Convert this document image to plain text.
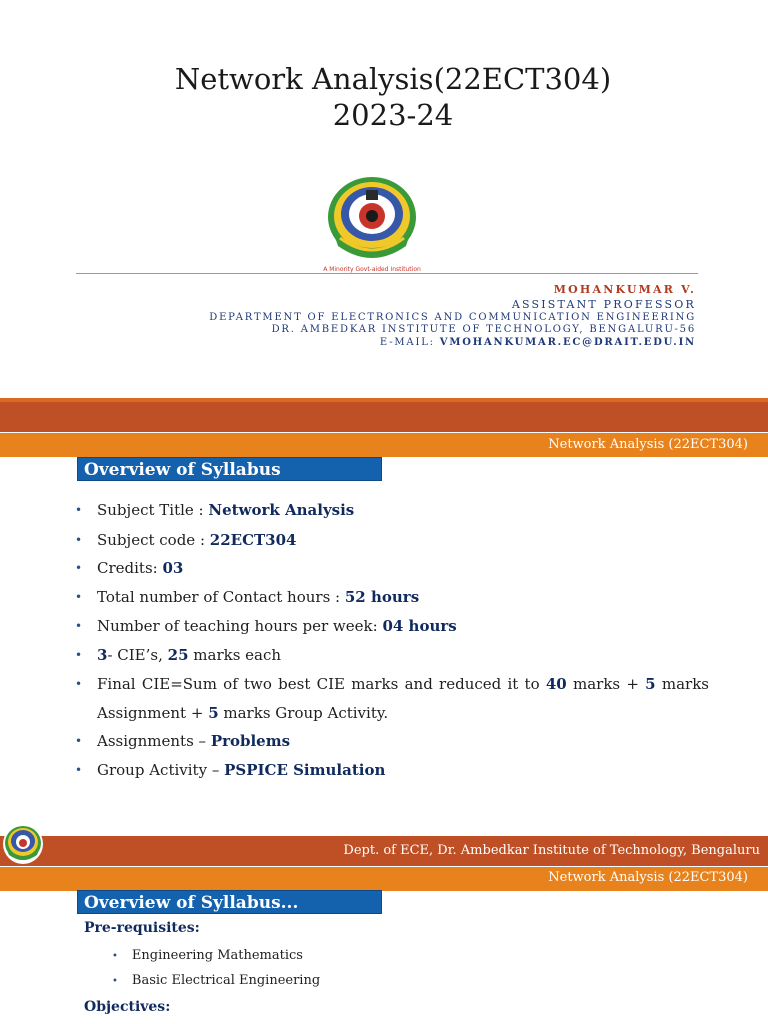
Network Analysis(22ECT304)
2023-24
A Minority Govt-aided Institution
MOHANKUMAR V.
ASSISTANT PROFESSOR
DEPARTMENT OF ELECTRONICS AND COMMUNICATION ENGINEERING
DR. AMBEDKAR INSTITUTE OF TECHNOLOGY, BENGALURU-56
E-MAIL: VMOHANKUMAR.EC@DRAIT.EDU.IN
Network Analysis (22ECT304)
Overview of Syllabus
• Subject Title : Network Analysis
• Subject code : 22ECT304
• Credits: 03
• Total number of Contact hours : 52 hours
• Number of teaching hours per week: 04 hours
• 3- CIE’s, 25 marks each
• Final CIE=Sum of two best CIE marks and reduced it to 40 marks + 5 marks
Assignment + 5 marks Group Activity.
• Assignments – Problems
• Group Activity – PSPICE Simulation
Dept. of ECE, Dr. Ambedkar Institute of Technology, Bengaluru
Network Analysis (22ECT304)
Overview of Syllabus...
Pre-requisites:
• Engineering Mathematics
• Basic Electrical Engineering
Objectives:
